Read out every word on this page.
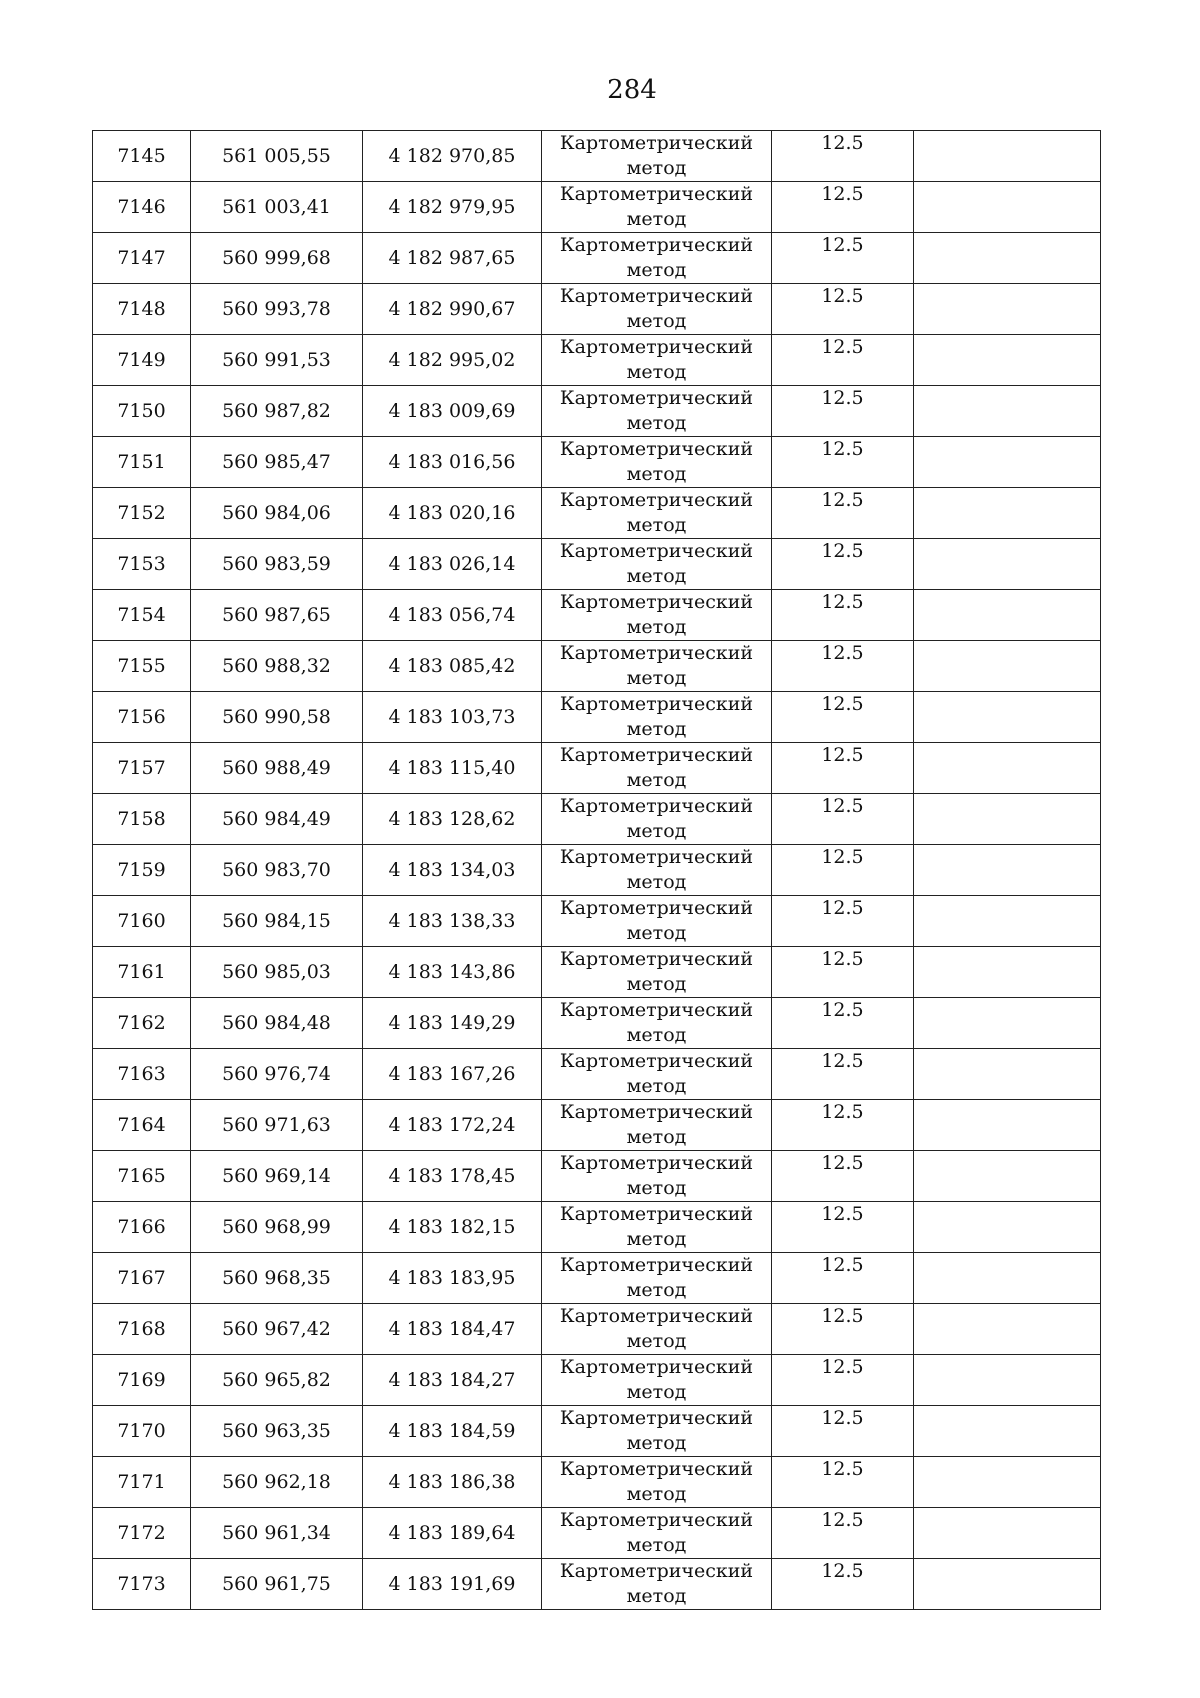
284
7145	561 005,55	4 182 970,85	Картометрический
метод	12.5	
7146	561 003,41	4 182 979,95	Картометрический
метод	12.5	
7147	560 999,68	4 182 987,65	Картометрический
метод	12.5	
7148	560 993,78	4 182 990,67	Картометрический
метод	12.5	
7149	560 991,53	4 182 995,02	Картометрический
метод	12.5	
7150	560 987,82	4 183 009,69	Картометрический
метод	12.5	
7151	560 985,47	4 183 016,56	Картометрический
метод	12.5	
7152	560 984,06	4 183 020,16	Картометрический
метод	12.5	
7153	560 983,59	4 183 026,14	Картометрический
метод	12.5	
7154	560 987,65	4 183 056,74	Картометрический
метод	12.5	
7155	560 988,32	4 183 085,42	Картометрический
метод	12.5	
7156	560 990,58	4 183 103,73	Картометрический
метод	12.5	
7157	560 988,49	4 183 115,40	Картометрический
метод	12.5	
7158	560 984,49	4 183 128,62	Картометрический
метод	12.5	
7159	560 983,70	4 183 134,03	Картометрический
метод	12.5	
7160	560 984,15	4 183 138,33	Картометрический
метод	12.5	
7161	560 985,03	4 183 143,86	Картометрический
метод	12.5	
7162	560 984,48	4 183 149,29	Картометрический
метод	12.5	
7163	560 976,74	4 183 167,26	Картометрический
метод	12.5	
7164	560 971,63	4 183 172,24	Картометрический
метод	12.5	
7165	560 969,14	4 183 178,45	Картометрический
метод	12.5	
7166	560 968,99	4 183 182,15	Картометрический
метод	12.5	
7167	560 968,35	4 183 183,95	Картометрический
метод	12.5	
7168	560 967,42	4 183 184,47	Картометрический
метод	12.5	
7169	560 965,82	4 183 184,27	Картометрический
метод	12.5	
7170	560 963,35	4 183 184,59	Картометрический
метод	12.5	
7171	560 962,18	4 183 186,38	Картометрический
метод	12.5	
7172	560 961,34	4 183 189,64	Картометрический
метод	12.5	
7173	560 961,75	4 183 191,69	Картометрический
метод	12.5	
